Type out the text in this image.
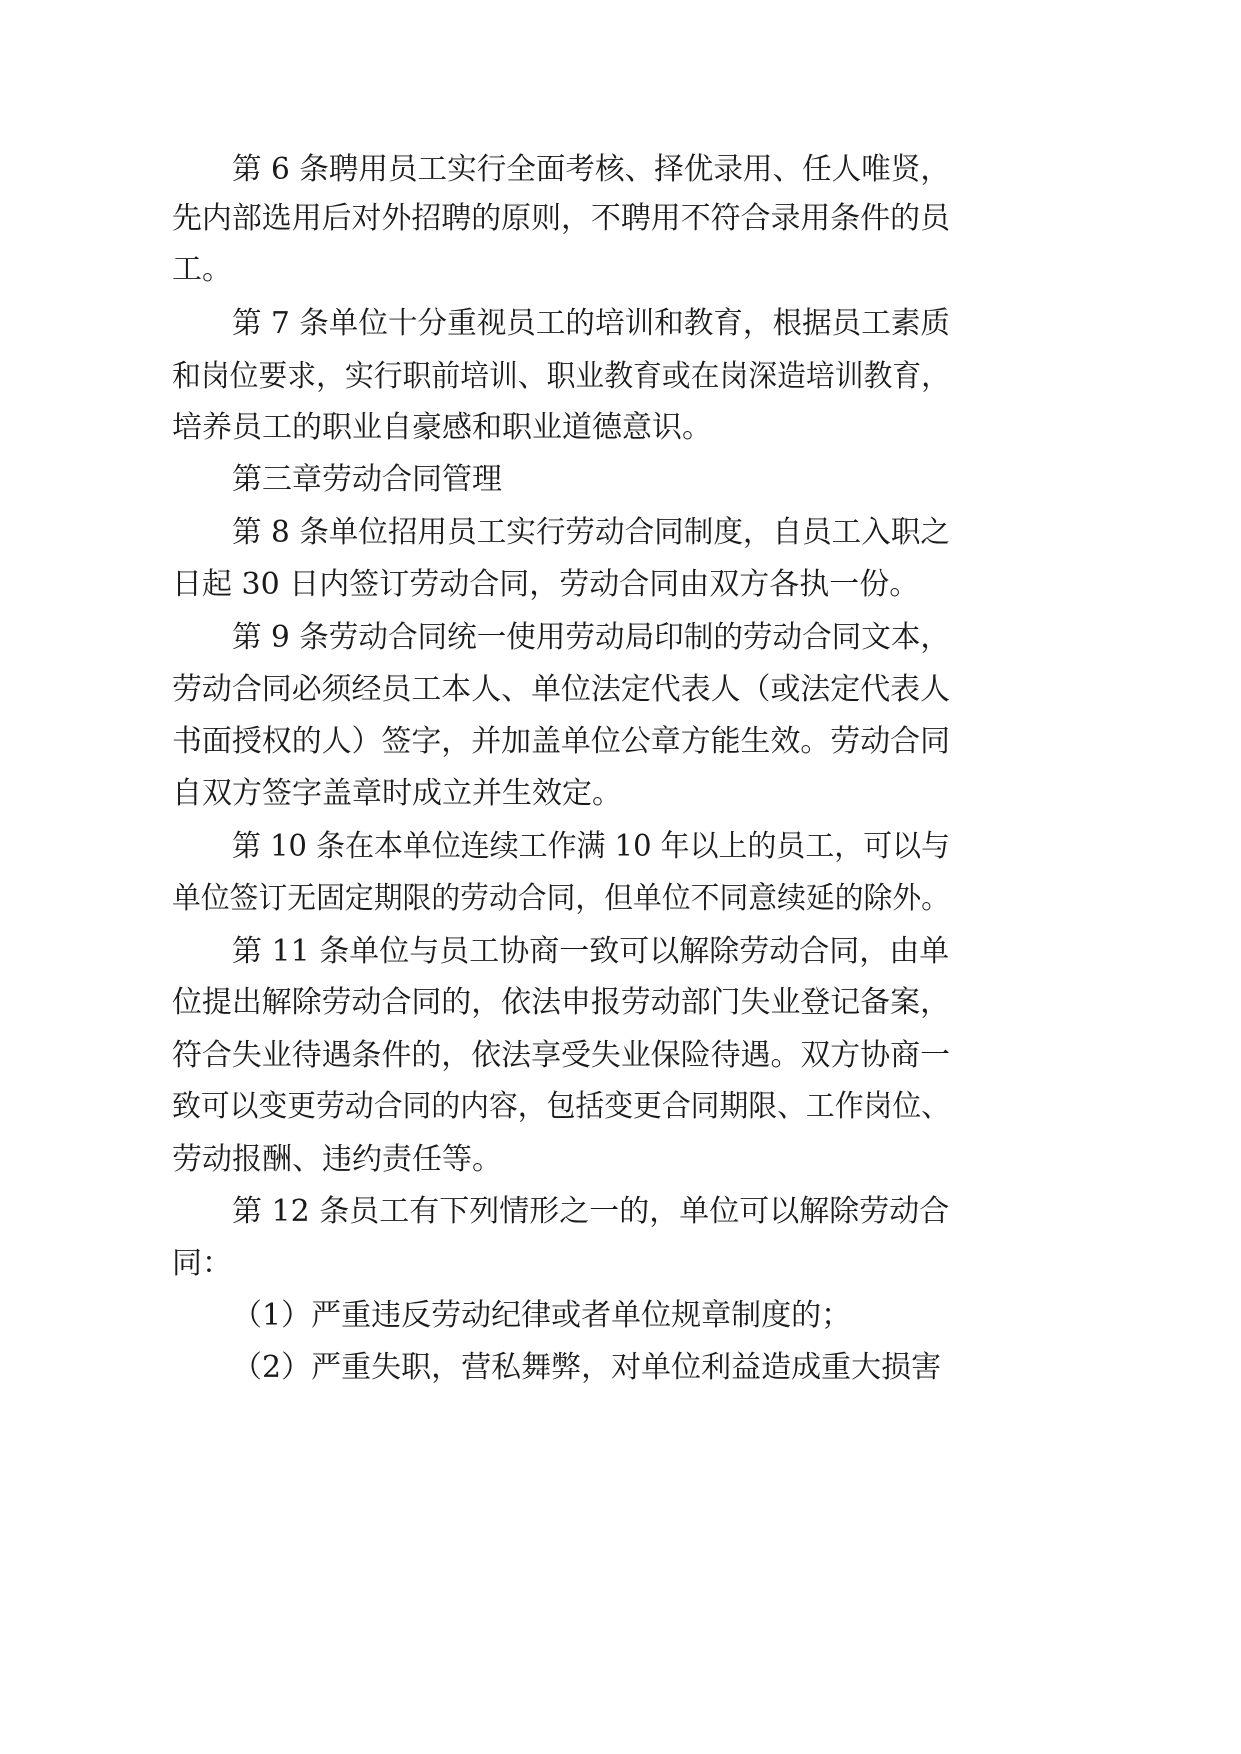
第 6 条聘用员工实行全面考核、择优录用、任人唯贤，
先内部选用后对外招聘的原则，不聘用不符合录用条件的员
工。
第 7 条单位十分重视员工的培训和教育，根据员工素质
和岗位要求，实行职前培训、职业教育或在岗深造培训教育，
培养员工的职业自豪感和职业道德意识。
第三章劳动合同管理
第 8 条单位招用员工实行劳动合同制度，自员工入职之
日起 30 日内签订劳动合同，劳动合同由双方各执一份。
第 9 条劳动合同统一使用劳动局印制的劳动合同文本，
劳动合同必须经员工本人、单位法定代表人（或法定代表人
书面授权的人）签字，并加盖单位公章方能生效。劳动合同
自双方签字盖章时成立并生效定。
第 10 条在本单位连续工作满 10 年以上的员工，可以与
单位签订无固定期限的劳动合同，但单位不同意续延的除外。
第 11 条单位与员工协商一致可以解除劳动合同，由单
位提出解除劳动合同的，依法申报劳动部门失业登记备案，
符合失业待遇条件的，依法享受失业保险待遇。双方协商一
致可以变更劳动合同的内容，包括变更合同期限、工作岗位、
劳动报酬、违约责任等。
第 12 条员工有下列情形之一的，单位可以解除劳动合
同：
（1）严重违反劳动纪律或者单位规章制度的；
（2）严重失职，营私舞弊，对单位利益造成重大损害
